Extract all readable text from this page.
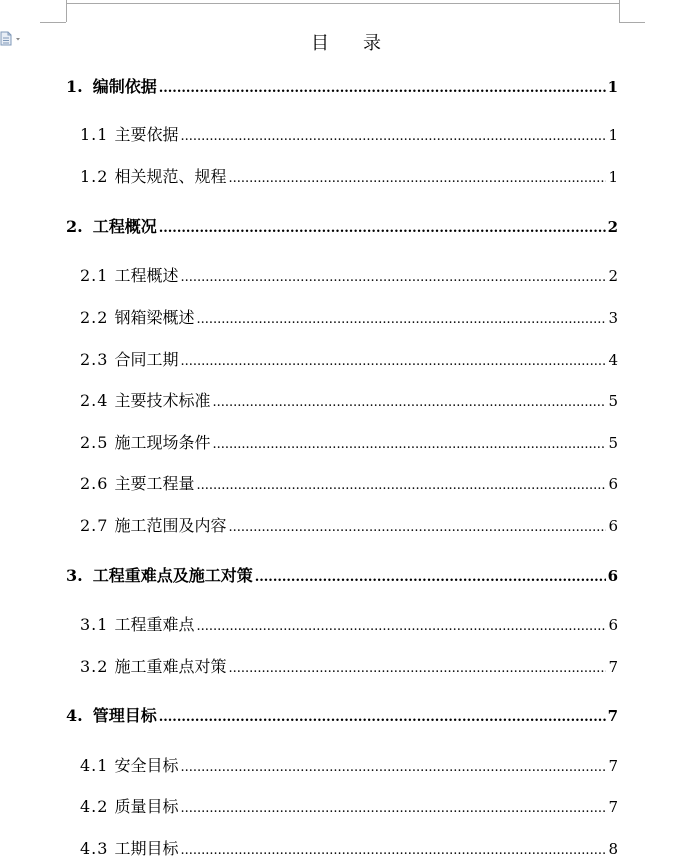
目 录
1. 编制依据 .....	1
1.1 主要依据 .....	1
1.2 相关规范、规程 .....	1
2. 工程概况 .....	2
2.1 工程概述 .....	2
2.2 钢箱梁概述 .....	3
2.3 合同工期 .....	4
2.4 主要技术标准 .....	5
2.5 施工现场条件 .....	5
2.6 主要工程量 .....	6
2.7 施工范围及内容 .....	6
3. 工程重难点及施工对策 .....	6
3.1 工程重难点 .....	6
3.2 施工重难点对策 .....	7
4. 管理目标 .....	7
4.1 安全目标 .....	7
4.2 质量目标 .....	7
4.3 工期目标 .....	8
